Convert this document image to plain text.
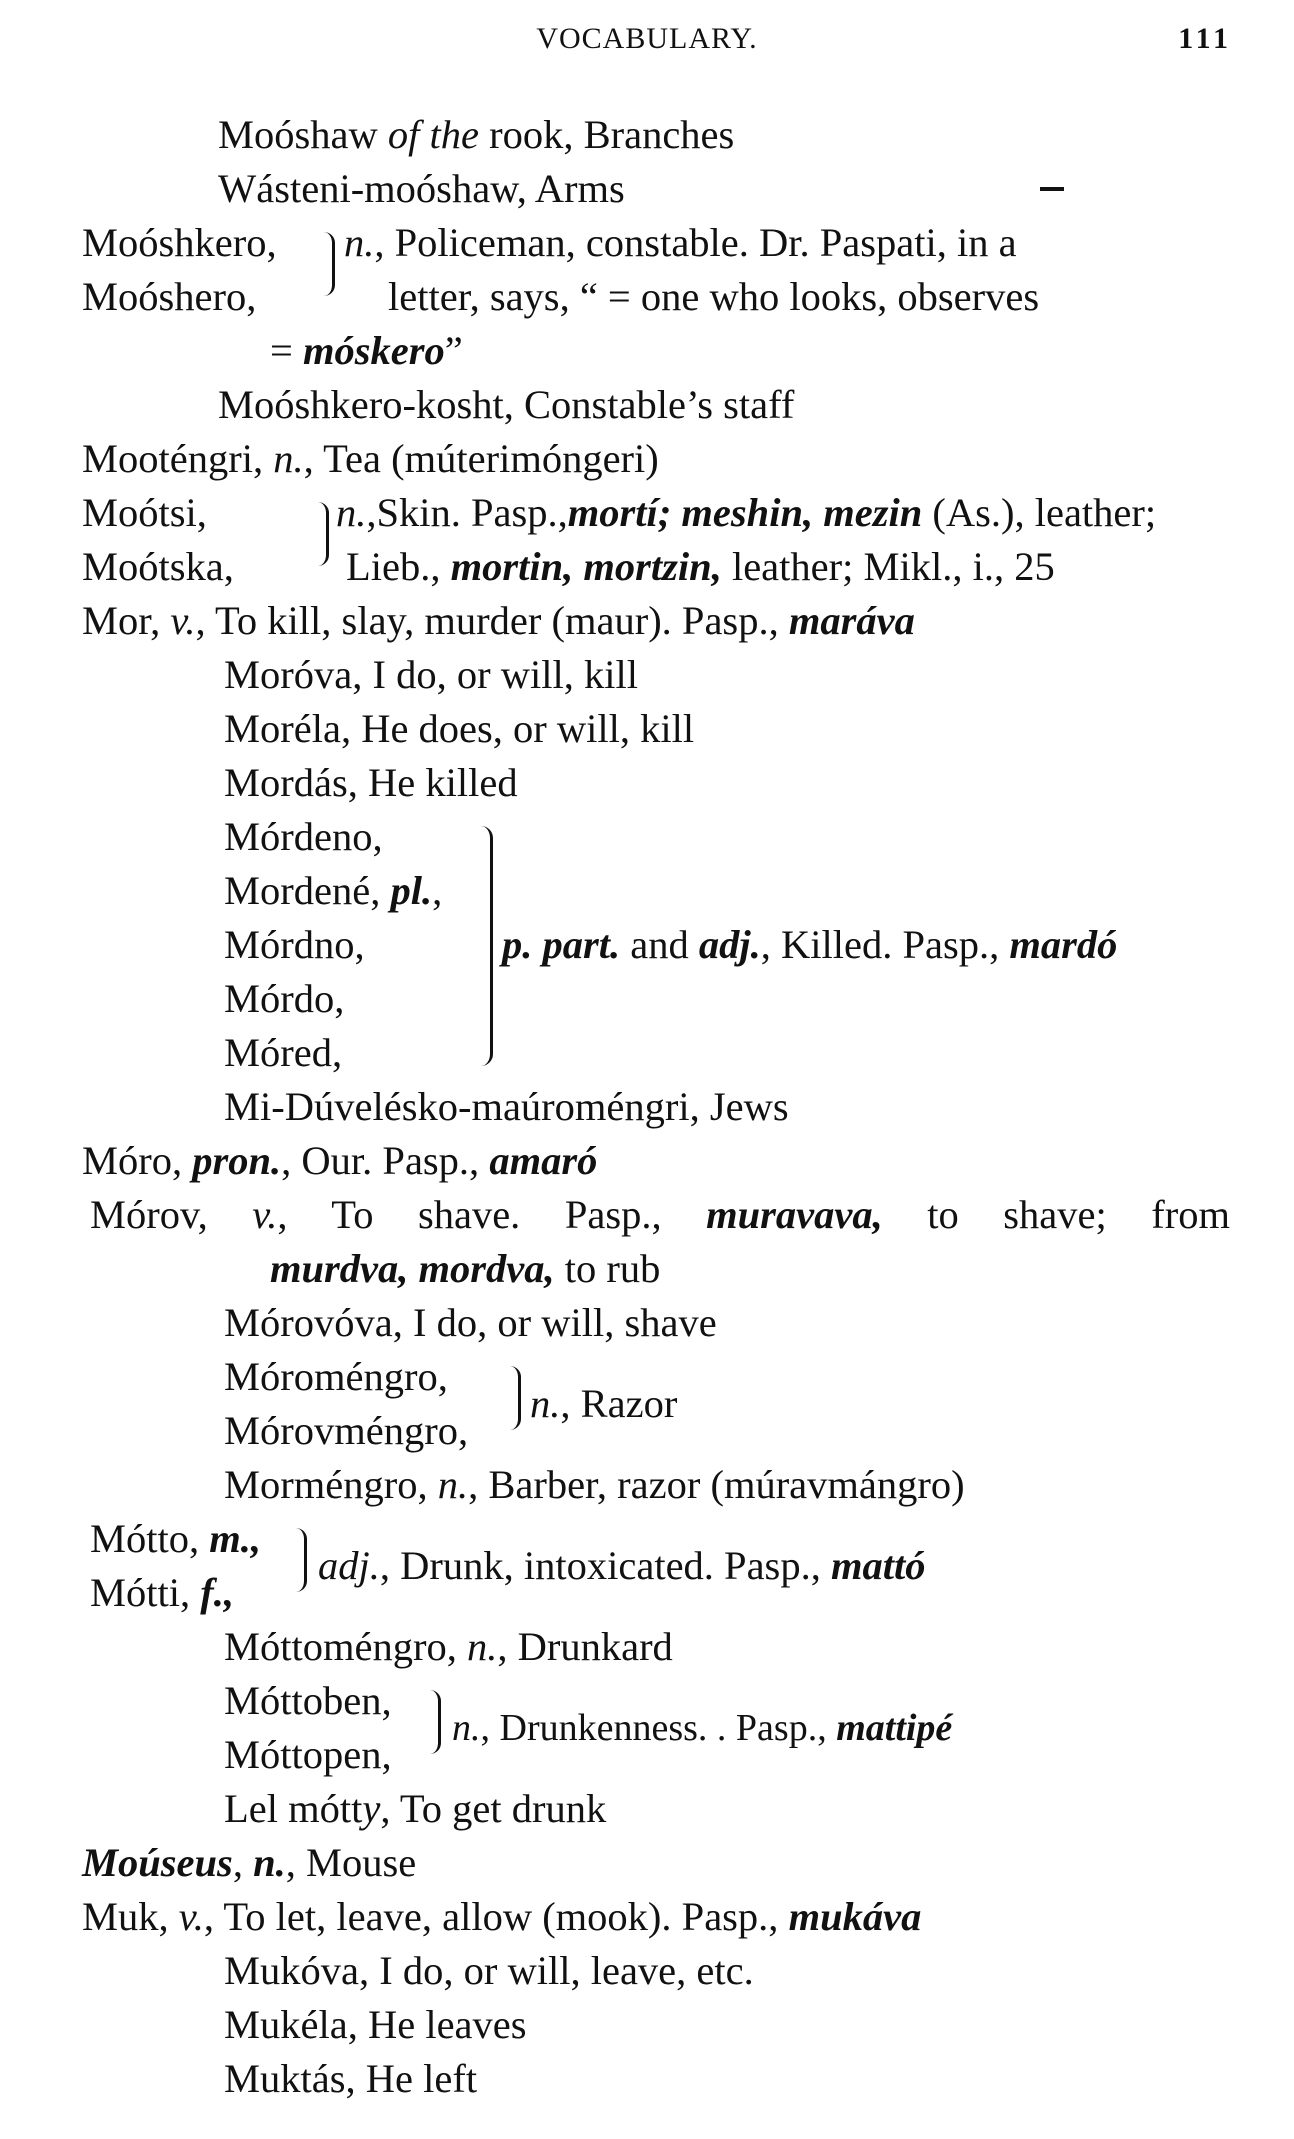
VOCABULARY.	111
Moóshaw of the rook, Branches
Wásteni-moóshaw, Arms
Moóshkero,
Moóshero,
n., Policeman, constable. Dr. Paspati, in a
letter, says, “ = one who looks, observes
= móskero”
Moóshkero-kosht, Constable’s staff
Mooténgri, n., Tea (múterimóngeri)
Moótsi,
Moótska,
n.,Skin. Pasp.,mortí; meshin, mezin (As.), leather;
Lieb., mortin, mortzin, leather; Mikl., i., 25
Mor, v., To kill, slay, murder (maur). Pasp., maráva
Moróva, I do, or will, kill
Moréla, He does, or will, kill
Mordás, He killed
Mórdeno,
Mordené, pl.,
Mórdno,
Mórdo,
Móred,
p. part. and adj., Killed. Pasp., mardó
Mi-Dúvelésko-maúroméngri, Jews
Móro, pron., Our. Pasp., amaró
Mórov, v., To shave. Pasp., muravava, to shave; from
murdva, mordva, to rub
Mórovóva, I do, or will, shave
Móroméngro,
Mórovméngro,
n., Razor
Morméngro, n., Barber, razor (múravmángro)
Mótto, m.,
Mótti, f.,
adj., Drunk, intoxicated. Pasp., mattó
Móttoméngro, n., Drunkard
Móttoben,
Móttopen,
n., Drunkenness. . Pasp., mattipé
Lel mótty, To get drunk
Moúseus, n., Mouse
Muk, v., To let, leave, allow (mook). Pasp., mukáva
Mukóva, I do, or will, leave, etc.
Mukéla, He leaves
Muktás, He left
